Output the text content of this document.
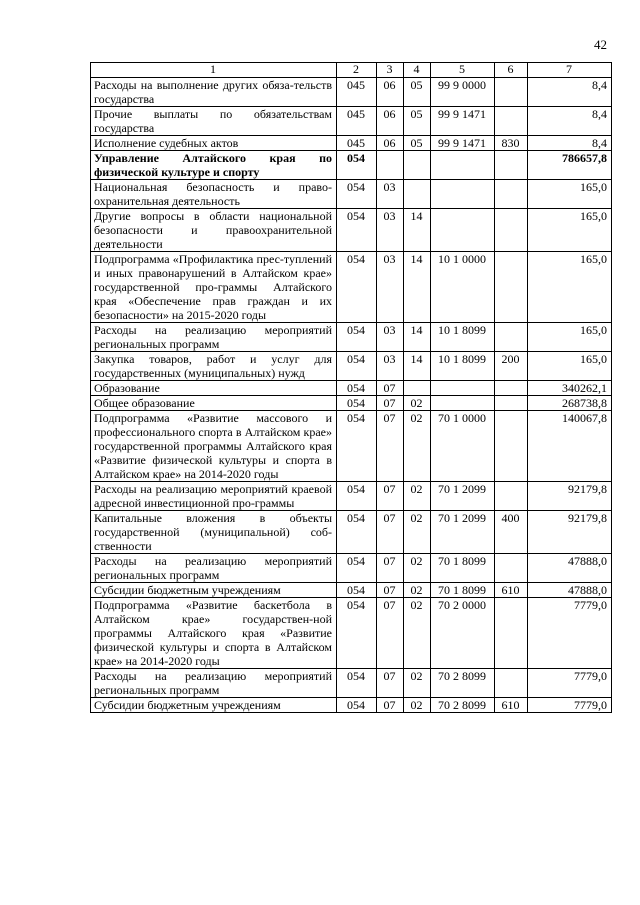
42
1	2	3	4	5	6	7
Расходы на выполнение других обяза-тельств государства	045	06	05	99 9 0000		8,4
Прочие выплаты по обязательствам государства	045	06	05	99 9 1471		8,4
Исполнение судебных актов	045	06	05	99 9 1471	830	8,4
Управление Алтайского края по физической культуре и спорту	054					786657,8
Национальная безопасность и право-охранительная деятельность	054	03				165,0
Другие вопросы в области национальной безопасности и правоохранительной деятельности	054	03	14			165,0
Подпрограмма «Профилактика прес-туплений и иных правонарушений в Алтайском крае» государственной про-граммы Алтайского края «Обеспечение прав граждан и их безопасности» на 2015-2020 годы	054	03	14	10 1 0000		165,0
Расходы на реализацию мероприятий региональных программ	054	03	14	10 1 8099		165,0
Закупка товаров, работ и услуг для государственных (муниципальных) нужд	054	03	14	10 1 8099	200	165,0
Образование	054	07				340262,1
Общее образование	054	07	02			268738,8
Подпрограмма «Развитие массового и профессионального спорта в Алтайском крае» государственной программы Алтайского края «Развитие физической культуры и спорта в Алтайском крае» на 2014-2020 годы	054	07	02	70 1 0000		140067,8
Расходы на реализацию мероприятий краевой адресной инвестиционной про-граммы	054	07	02	70 1 2099		92179,8
Капитальные вложения в объекты государственной (муниципальной) соб-ственности	054	07	02	70 1 2099	400	92179,8
Расходы на реализацию мероприятий региональных программ	054	07	02	70 1 8099		47888,0
Субсидии бюджетным учреждениям	054	07	02	70 1 8099	610	47888,0
Подпрограмма «Развитие баскетбола в Алтайском крае» государствен-ной программы Алтайского края «Развитие физической культуры и спорта в Алтайском крае» на 2014-2020 годы	054	07	02	70 2 0000		7779,0
Расходы на реализацию мероприятий региональных программ	054	07	02	70 2 8099		7779,0
Субсидии бюджетным учреждениям	054	07	02	70 2 8099	610	7779,0
